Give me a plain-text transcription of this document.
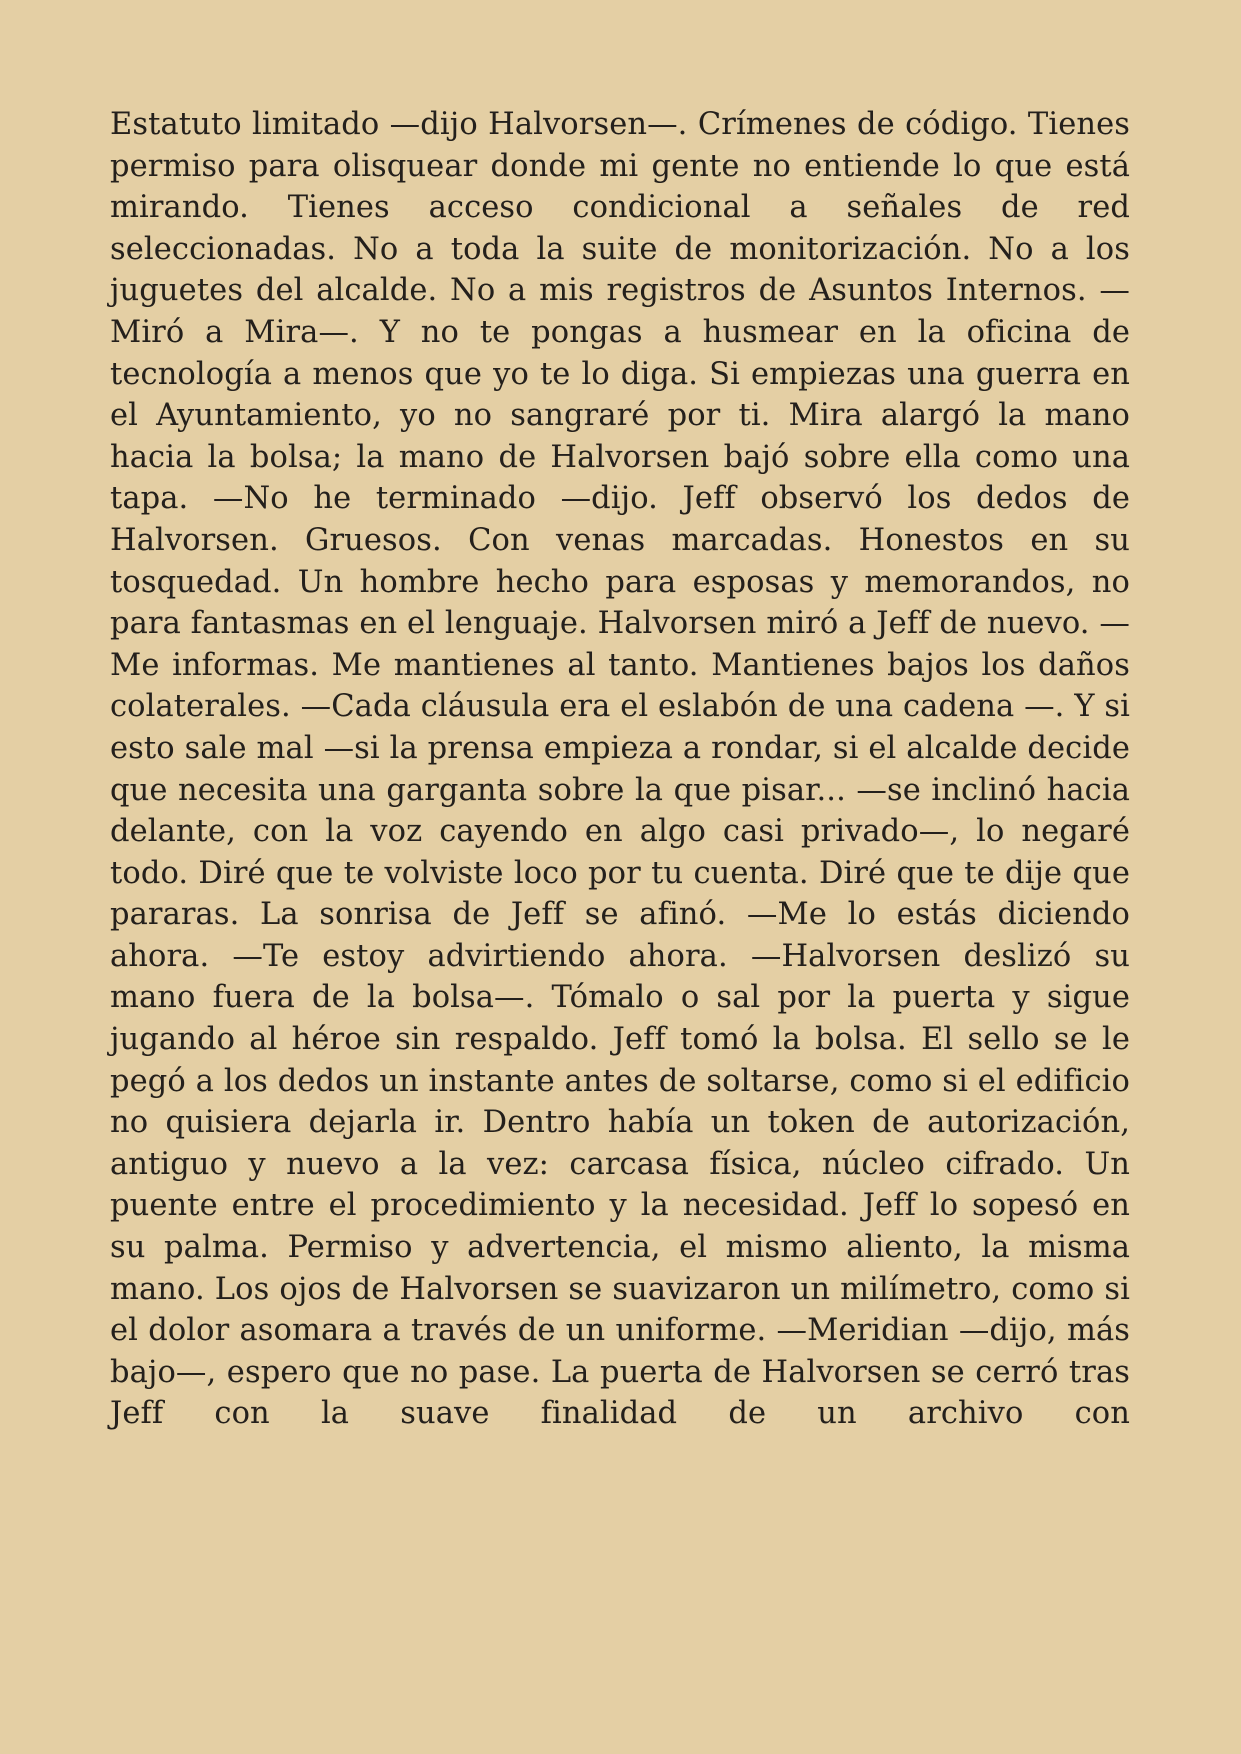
Estatuto limitado —dijo Halvorsen—. Crímenes de código. Tienes permiso para olisquear donde mi gente no entiende lo que está mirando. Tienes acceso condicional a señales de red seleccionadas. No a toda la suite de monitorización. No a los juguetes del alcalde. No a mis registros de Asuntos Internos. —Miró a Mira—. Y no te pongas a husmear en la oficina de tecnología a menos que yo te lo diga. Si empiezas una guerra en el Ayuntamiento, yo no sangraré por ti. Mira alargó la mano hacia la bolsa; la mano de Halvorsen bajó sobre ella como una tapa. —No he terminado —dijo. Jeff observó los dedos de Halvorsen. Gruesos. Con venas marcadas. Honestos en su tosquedad. Un hombre hecho para esposas y memorandos, no para fantasmas en el lenguaje. Halvorsen miró a Jeff de nuevo. —Me informas. Me mantienes al tanto. Mantienes bajos los daños colaterales. —Cada cláusula era el eslabón de una cadena —. Y si esto sale mal —si la prensa empieza a rondar, si el alcalde decide que necesita una garganta sobre la que pisar... —se inclinó hacia delante, con la voz cayendo en algo casi privado—, lo negaré todo. Diré que te volviste loco por tu cuenta. Diré que te dije que pararas. La sonrisa de Jeff se afinó. —Me lo estás diciendo ahora. —Te estoy advirtiendo ahora. —Halvorsen deslizó su mano fuera de la bolsa—. Tómalo o sal por la puerta y sigue jugando al héroe sin respaldo. Jeff tomó la bolsa. El sello se le pegó a los dedos un instante antes de soltarse, como si el edificio no quisiera dejarla ir. Dentro había un token de autorización, antiguo y nuevo a la vez: carcasa física, núcleo cifrado. Un puente entre el procedimiento y la necesidad. Jeff lo sopesó en su palma. Permiso y advertencia, el mismo aliento, la misma mano. Los ojos de Halvorsen se suavizaron un milímetro, como si el dolor asomara a través de un uniforme. —Meridian —dijo, más bajo—, espero que no pase. La puerta de Halvorsen se cerró tras Jeff con la suave finalidad de un archivo con
